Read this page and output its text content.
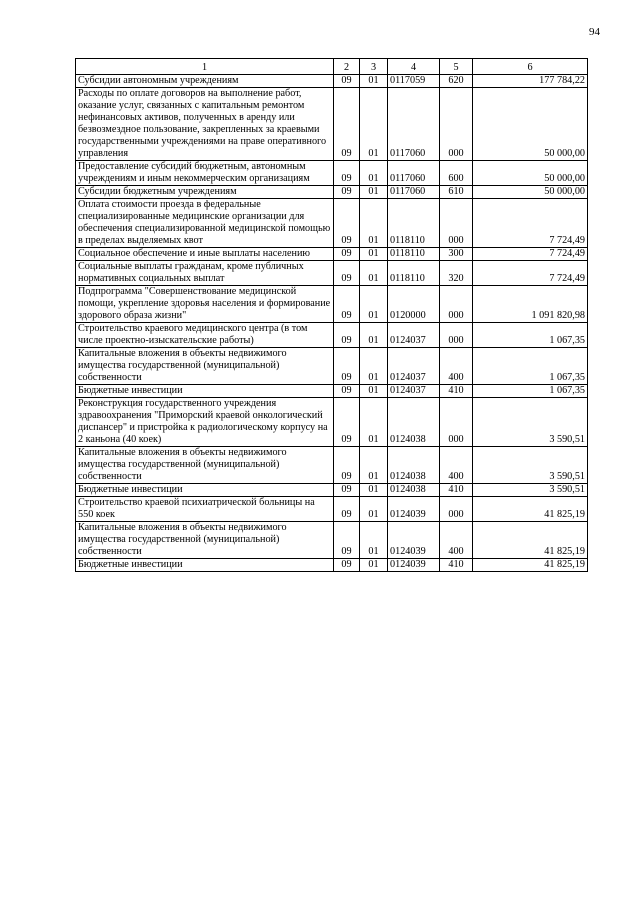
94
1	2	3	4	5	6
Субсидии автономным учреждениям	09	01	0117059	620	177 784,22
Расходы по оплате договоров на выполнение работ, оказание услуг, связанных с капитальным ремонтом нефинансовых активов, полученных в аренду или безвозмездное пользование, закрепленных за краевыми государственными учреждениями на праве оперативного управления	09	01	0117060	000	50 000,00
Предоставление субсидий бюджетным, автономным учреждениям и иным некоммерческим организациям	09	01	0117060	600	50 000,00
Субсидии бюджетным учреждениям	09	01	0117060	610	50 000,00
Оплата стоимости проезда в федеральные специализированные медицинские организации для обеспечения специализированной медицинской помощью в пределах выделяемых квот	09	01	0118110	000	7 724,49
Социальное обеспечение и иные выплаты населению	09	01	0118110	300	7 724,49
Социальные выплаты гражданам, кроме публичных нормативных социальных выплат	09	01	0118110	320	7 724,49
Подпрограмма "Совершенствование медицинской помощи, укрепление здоровья населения и формирование здорового образа жизни"	09	01	0120000	000	1 091 820,98
Строительство краевого медицинского центра (в том числе проектно-изыскательские работы)	09	01	0124037	000	1 067,35
Капитальные вложения в объекты недвижимого имущества государственной (муниципальной) собственности	09	01	0124037	400	1 067,35
Бюджетные инвестиции	09	01	0124037	410	1 067,35
Реконструкция государственного учреждения здравоохранения "Приморский краевой онкологический диспансер" и пристройка к радиологическому корпусу на 2 каньона (40 коек)	09	01	0124038	000	3 590,51
Капитальные вложения в объекты недвижимого имущества государственной (муниципальной) собственности	09	01	0124038	400	3 590,51
Бюджетные инвестиции	09	01	0124038	410	3 590,51
Строительство краевой психиатрической больницы на 550 коек	09	01	0124039	000	41 825,19
Капитальные вложения в объекты недвижимого имущества государственной (муниципальной) собственности	09	01	0124039	400	41 825,19
Бюджетные инвестиции	09	01	0124039	410	41 825,19
